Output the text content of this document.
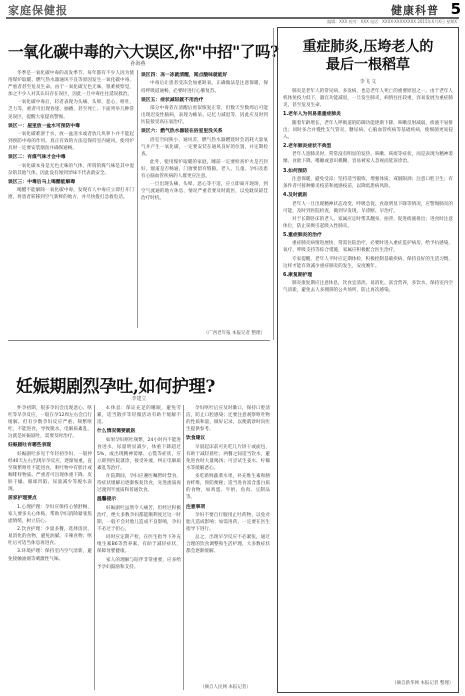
家庭保健报	健康科普 5
编辑：XXX 校对：XXX 电话：XXXX-XXXXXXXX 2015年X月X日 星期X
一氧化碳中毒的六大误区,你"中招"了吗?
孙海燕

冬季是一氧化碳中毒的高发季节，每年都有不少人因为使用煤炉取暖、燃气热水器通风不良等原因发生一氧化碳中毒，严重者甚至危及生命。由于一氧化碳无色无味，很难被察觉，加之不少人对其认识存在误区，因此一旦中毒往往延误救治。

一氧化碳中毒后，轻者表现为头痛、头晕、恶心、呕吐、乏力等，重者可出现昏迷、抽搐，甚至死亡。下面列举几种常见误区，提醒大家提高警惕。

误区一：屋里放一盆水可预防中毒

一氧化碳难溶于水，放一盆清水或者放几块萝卜并不能起到预防中毒的作用。真正有效的方法是保持室内通风，使用炉具时一定要安装烟囱并确保通畅。

误区二：有煤气味才会中毒

一氧化碳本身是无色无味的气体，所谓的煤气味是其中混杂的其他气体，因此没有闻到异味不代表就安全。

误区三：中毒后马上喝醋能解毒

喝醋不能解除一氧化碳中毒，发现有人中毒应立即打开门窗，将患者转移到空气新鲜的地方，并尽快拨打急救电话。

误区四：冻一冻就清醒，闻点酸味就能好

中毒后让患者受冻会加重缺氧，正确做法是注意保暖，保持呼吸道通畅，必要时进行心肺复苏。

误区五：症状减轻就不用治疗

部分中毒者在清醒后看似恢复正常，但数天至数周后可能出现迟发性脑病，表现为痴呆、记忆力减退等，因此应及时到医院接受高压氧治疗。

误区六：燃气热水器装在浴室里没关系

浴室空间狭小、通风差，燃气热水器燃烧时会消耗大量氧气并产生一氧化碳，一定要安装在通风良好的位置，并定期检查。

此外，使用煤炉取暖的家庭，睡前一定要检查炉火是否封好，烟道是否畅通，门窗要留有缝隙。老人、儿童、孕妇及患有心脑血管疾病的人群更应注意。

一旦出现头痛、头晕、恶心等不适，应立即离开现场，到空气流通的地方休息，情况严重者要及时就医，以免耽误最佳治疗时机。

（广西老年报 本报记者 整理）
重症肺炎,压垮老人的
最后一根稻草
李飞 文

肺炎是老年人的常见病、多发病，也是老年人死亡的重要原因之一。由于老年人机体免疫力低下，器官功能减退，一旦发生肺炎，病情往往较重，容易发展为重症肺炎，甚至危及生命。

1.老年人为何易患重症肺炎

随着年龄增长，老年人呼吸道的防御功能逐渐下降，咳嗽反射减弱，痰液不易排出；同时多合并慢性支气管炎、糖尿病、心脑血管疾病等基础疾病，使细菌更易侵入。

2.老年肺炎症状不典型

老年人患肺炎时，常常没有明显的发热、咳嗽、咳痰等症状，而是表现为精神萎靡、食欲下降、嗜睡或意识模糊，容易被家人忽视而延误诊治。

3.如何预防

注意保暖，避免受凉；坚持适当锻炼，增强体质；戒烟限酒；注意口腔卫生；有条件者可接种肺炎疫苗和流感疫苗，以降低患病风险。

4.及时就医

老年人一旦出现精神状态改变、呼吸急促、食欲明显下降等情况，应警惕肺炎的可能，及时到医院检查，做到早发现、早诊断、早治疗。

对于长期卧床的老人，家属应定时帮其翻身、拍背，促进痰液排出；进食时注意体位，防止误吸引起吸入性肺炎。

5.重症肺炎的治疗

重症肺炎病情进展快，常需住院治疗，必要时进入重症监护病房，给予抗感染、氧疗、呼吸支持等综合措施，家属应积极配合医生治疗。

专家提醒，老年人平时应定期体检，积极控制基础疾病，保持良好的生活习惯，这样才能有效减少重症肺炎的发生，安度晚年。

6.康复期护理

肺炎康复期应注意休息，饮食宜清淡、易消化、富含营养，多饮水，保持室内空气清新，避免去人多拥挤的公共场所，防止再次感染。

（摘自新华网 本报记者 整理）
妊娠期剧烈孕吐,如何护理?
李建立

怀孕初期，很多孕妇会出现恶心、呕吐等早孕反应，一般在孕12周左右会自行缓解。但有少数孕妇反应严重，频繁呕吐，不能进食，导致脱水、电解质紊乱，这就是妊娠剧吐，需要及时治疗。

妊娠剧吐有哪些表现

妊娠剧吐多见于年轻初孕妇，一般停经40天左右出现早孕反应，逐渐加重，直至频繁呕吐不能进食，呕吐物中有胆汁或咖啡样物质。严重者可出现体重下降、皮肤干燥、眼球凹陷、尿量减少等脱水表现。

居家护理要点

1.心理护理：孕妇应保持心情舒畅，家人要多关心体贴，帮助孕妇消除紧张焦虑情绪，树立信心。

2.饮食护理：少量多餐，选择清淡、易消化的食物，避免油腻、辛辣食物；呕吐后可适当休息再进食。

3.环境护理：保持室内空气清新，避免接触油烟等刺激性气味。

4.休息：保证充足的睡眠，避免劳累，适当散步等轻微活动有助于缓解不适。

什么情况需要就医

如果孕妇呕吐频繁，24小时内不能进食进水，尿量明显减少，体重下降超过5%，或出现精神萎靡、心慌等症状，应立即到医院就诊，接受补液、纠正电解质紊乱等治疗。

住院期间，孕妇应遵医嘱暂时禁食，待症状缓解后逐渐恢复饮食，先进流质再过渡到半流质和普通饮食。

温馨提示

妊娠剧吐虽然令人痛苦，但经过积极治疗，绝大多数孕妇都能顺利度过这一时期，一般不会对胎儿造成不良影响，孕妇不必过于担心。

同时应定期产检，在医生指导下补充维生素B6等营养素，有助于减轻症状，保障母婴健康。

家人的理解与陪伴非常重要，应多给予孕妇鼓励和支持。

孕妇呕吐后应及时漱口，保持口腔清洁，防止口腔感染；还要注意观察呕吐物的性质和量，做好记录，以便就诊时向医生提供参考。

饮食建议

早晨起床前可先吃几片饼干或面包，有助于减轻晨吐；两餐之间适当饮水，避免进食时大量喝汤；可尝试生姜水、柠檬水等缓解恶心。

多吃新鲜蔬菜水果，补充维生素和膳食纤维，预防便秘；适当进食富含蛋白质的食物，如鸡蛋、牛奶、鱼肉、豆制品等。

注意事项

孕妇不要自行服用止吐药物，以免对胎儿造成影响；如需用药，一定要在医生指导下进行。

总之，出现早孕反应不必紧张，通过合理的饮食调整和生活护理，大多数症状都会逐渐缓解。

（摘自人民网 本报记者）
